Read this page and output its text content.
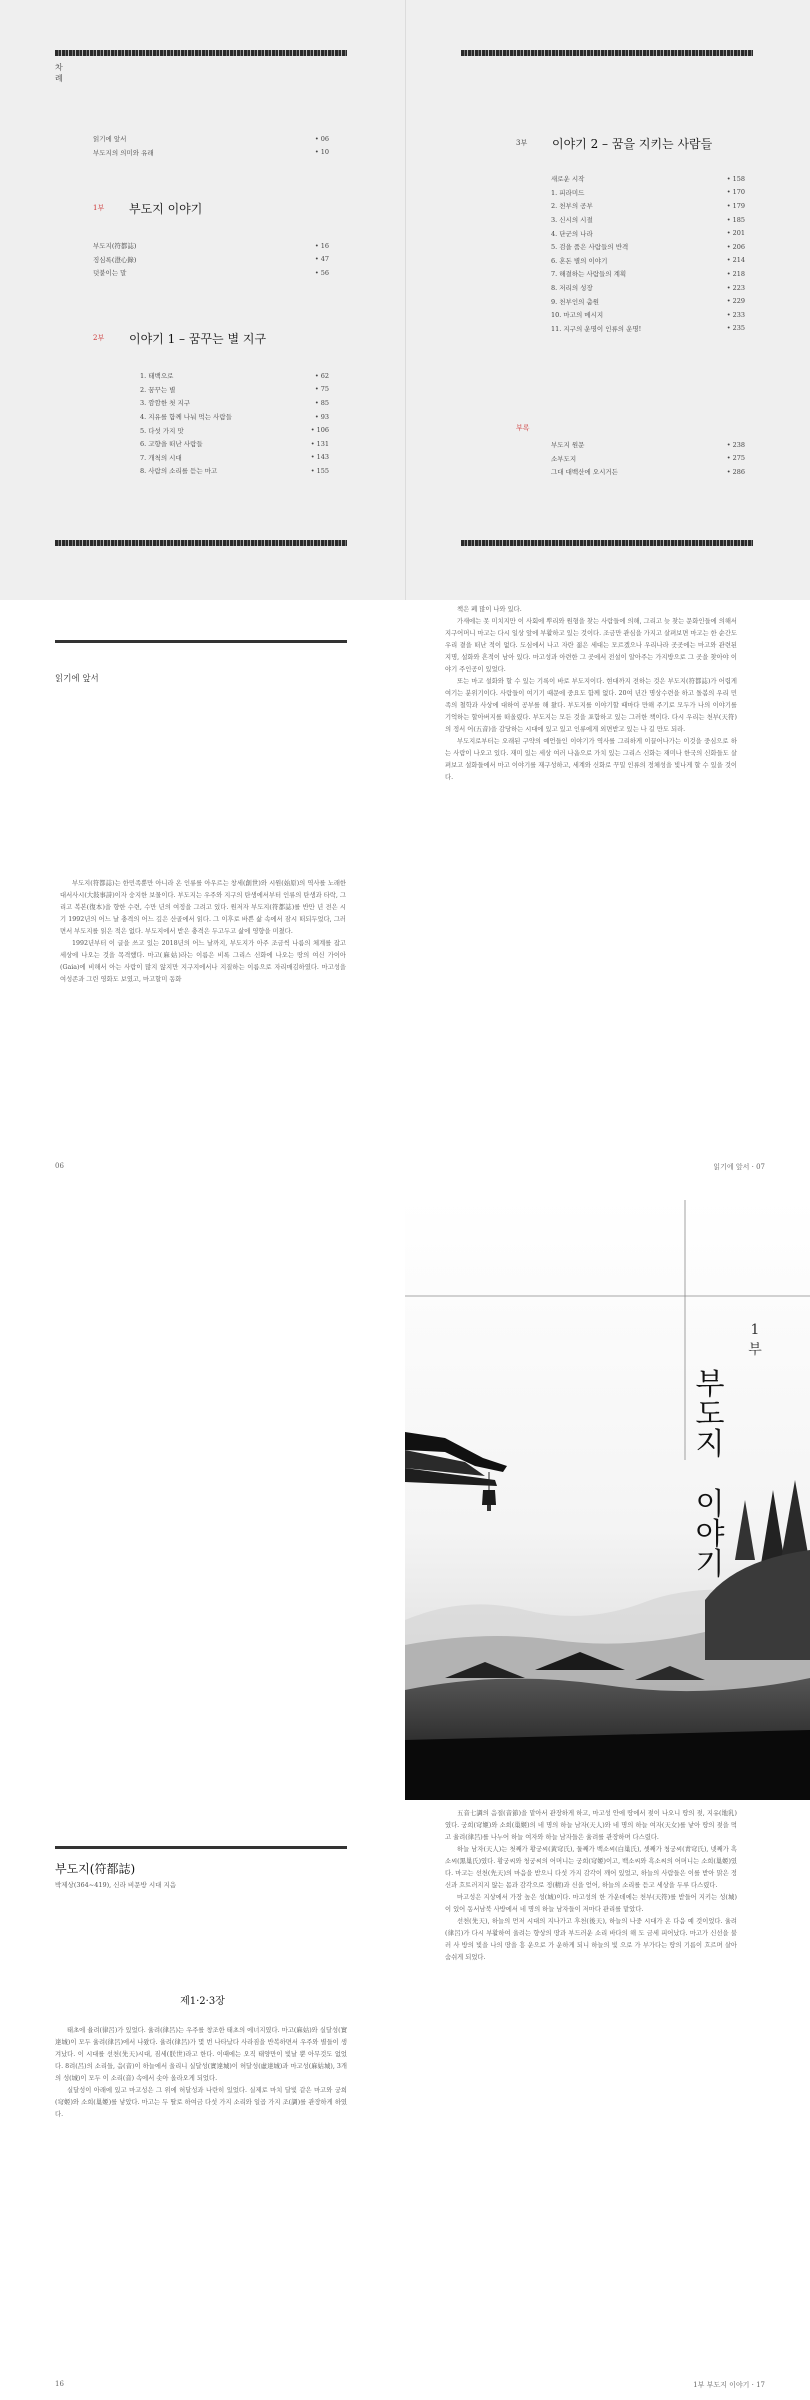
차례
읽기에 앞서	• 06
부도지의 의미와 유래	• 10
1부 부도지 이야기
부도지(符都誌)	• 16
징심록(澄心錄)	• 47
덧붙이는 말	• 56
2부 이야기 1 – 꿈꾸는 별 지구
1. 태백으로	• 62
2. 꿈꾸는 별	• 75
3. 깜깜한 첫 지구	• 85
4. 지유를 함께 나눠 먹는 사람들	• 93
5. 다섯 가지 맛	• 106
6. 고향을 떠난 사람들	• 131
7. 개척의 시대	• 143
8. 사람의 소리를 듣는 마고	• 155
3부 이야기 2 – 꿈을 지키는 사람들
새로운 시작	• 158
1. 피라미드	• 170
2. 천부의 공부	• 179
3. 신시의 시절	• 185
4. 단군의 나라	• 201
5. 검을 품은 사람들의 반격	• 206
6. 혼돈 별의 이야기	• 214
7. 해결하는 사람들의 계획	• 218
8. 저리의 성장	• 223
9. 천부인의 춤원	• 229
10. 마고의 메시지	• 233
11. 지구의 운명이 인류의 운명!	• 235
부록
부도지 원문	• 238
소부도지	• 275
그대 대백산에 오시거든	• 286
읽기에 앞서

부도지(符都誌)는 한민족뿐만 아니라 온 인류를 아우르는 창세(創世)와 시원(始原)의 역사를 노래한 대서사시(大敍事詩)이자 숭지한 보물이다. 부도지는 우주와 지구의 탄생에서부터 인류의 탄생과 타락, 그리고 복본(復本)을 향한 수련, 수만 년의 여정을 그려고 있다. 원저자 부도지(符都誌)를 반만 년 전은 시기 1992년의 어느 날 충격의 어느 깊은 산골에서 읽다. 그 이후로 바쁜 삶 속에서 잠시 떠되두었다, 그러면서 부도지를 읽은 적은 없다. 부도지에서 받은 충격은 두고두고 삶에 영향을 미쳤다.

1992년부터 이 글을 쓰고 있는 2018년의 어느 날까지, 부도지가 아주 조금씩 나름의 체계를 잡고 세상에 나오는 것을 목격했다. 마고(麻姑)라는 이름은 비록 그리스 신화에 나오는 땅의 여신 가이아(Gaia)에 비해서 아는 사람이 많지 않지만 지구지에서나 지질하는 이름으로 자리매김하였다. 마고성을 여성존과 그린 영화도 보였고, 마고할미 동화

06

책은 폐 많이 나와 있다.

가새에는 못 미치지만 이 사회에 뿌리와 원형을 찾는 사람들에 의해, 그리고 늦 찾는 문화인들에 의해서 지구어머니 마고는 다시 일상 앞에 부활하고 있는 것이다. 조금만 관심을 가지고 살펴보면 마고는 한 순간도 우리 곁을 떠난 적이 없다. 도심에서 나고 자란 젊은 세대는 모르겠으나 우리나라 곳곳에는 마고와 관련된 지명, 설화와 흔적이 남아 있다. 마고성과 아련한 그 곳에서 전설이 알아주는 가지방으로 그 곳을 찾아야 이야기 주인공이 있었다.

또는 마고 설화와 할 수 있는 기록이 바로 부도지이다. 현대까지 전하는 것은 부도지(符都誌)가 어렵게 여기는 분위기이다. 사람들이 여기기 때문에 중요도 함께 없다. 20여 년간 명상수련을 하고 돌봄의 우리 민족의 철학과 사상에 대하여 공부를 해 왔다. 부도지를 이야기할 때마다 만해 주기로 모두가 나의 이야기를 기억하는 할아버지를 떠올렸다. 부도지는 모든 것을 포함하고 있는 그러한 책이다. 다시 우리는 천부(天符)의 정서 어(五音)을 감당하는 시대에 있고 있고 인류에게 외면받고 있는 나 길 만도 되라.

부도지로부터는 오래된 구약의 예언들인 이야기가 역사를 그리하게 이끌어나가는 이것을 중심으로 하는 사람이 나오고 있다. 재미 있는 세상 여러 나옵으로 가치 있는 그리스 신화는 재미나 한국의 신화들도 살펴보고 설화들에서 마고 이야기를 재구성하고, 세계와 신화로 꾸밀 인류의 정체성을 빛나게 할 수 있을 것이다.

읽기에 앞서 · 07
1
부
부
도
지

이
야
기
부도지(符都誌)
박제상(364~419), 신라 비문방 시대 지음
제1·2·3장

태초에 율려(律呂)가 있었다. 율려(律呂)는 우주를 창조한 태초의 에너지였다. 마고(麻姑)와 실달성(實達城)이 모두 율려(律呂)에서 나왔다. 율려(律呂)가 몇 번 나타났다 사라짐을 반복하면서 우주와 별들이 생겨났다. 이 시대를 선천(先天)시대, 짐세(朕世)라고 한다. 이때에는 오직 태양만이 빛날 뿐 아무것도 없었다. 8려(呂)의 소리들, 음(音)이 하늘에서 울리니 실달성(實達城)이 허달성(虛達城)과 마고성(麻姑城), 3개의 성(城)이 모두 이 소리(音) 속에서 솟아 올라오게 되었다.

실달성이 아래에 있고 마고성은 그 위에 허달성과 나란히 있었다. 실제로 마치 달빛 같은 마고와 궁희(穹姬)와 소희(巢姬)를 낳았다. 마고는 두 딸로 하여금 다섯 가지 소리와 일곱 가지 조(調)를 관장하게 하였다.

16

五音七調의 음절(音節)을 맡아서 관장하게 하고, 마고성 안에 땅에서 젖이 나오니 땅의 젖, 지유(地乳)였다. 궁희(穹姬)와 소희(巢姬)의 네 명의 하늘 남자(天人)와 네 명의 하늘 여자(天女)를 낳아 땅의 젖을 먹고 율려(律呂)를 나누어 하늘 여자와 하늘 남자들은 율려를 관장하며 다스렸다.

하늘 남자(天人)는 첫째가 황궁씨(黃穹氏), 둘째가 백소씨(白巢氏), 셋째가 청궁씨(靑穹氏), 넷째가 흑소씨(黑巢氏)였다. 황궁씨와 청궁씨의 어머니는 궁희(穹姬)이고, 백소씨와 흑소씨의 어머니는 소희(巢姬)였다. 마고는 선천(先天)의 마음을 받으니 다섯 가지 감각이 깨어 있었고, 하늘의 사람들은 이를 받아 맑은 정신과 흐트러지지 않는 몸과 감각으로 정(精)과 신을 얻어, 하늘의 소리를 듣고 세상을 두루 다스렸다.

마고성은 지상에서 가장 높은 성(城)이다. 마고성의 한 가운데에는 천부(天符)를 받들어 지키는 성(城)이 있어 동서남북 사방에서 네 명의 하늘 남자들이 저마다 관리를 맡았다.

선천(先天), 하늘의 먼저 시대의 지나가고 후천(後天), 하늘의 나중 시대가 온 다음 예 것이었다. 율려(律呂)가 다시 부활하여 울려는 향상의 땅과 부드러운 소리 바다의 해 도 금세 피어났다. 마고가 신선을 불러 사 방의 빛을 나의 땅을 흥 운으로 가 운하게 되니 하늘의 빛 으로 가 부가다는 땅의 기름이 흐르며 살아 숨쉬게 되었다.

1부 부도지 이야기 · 17
